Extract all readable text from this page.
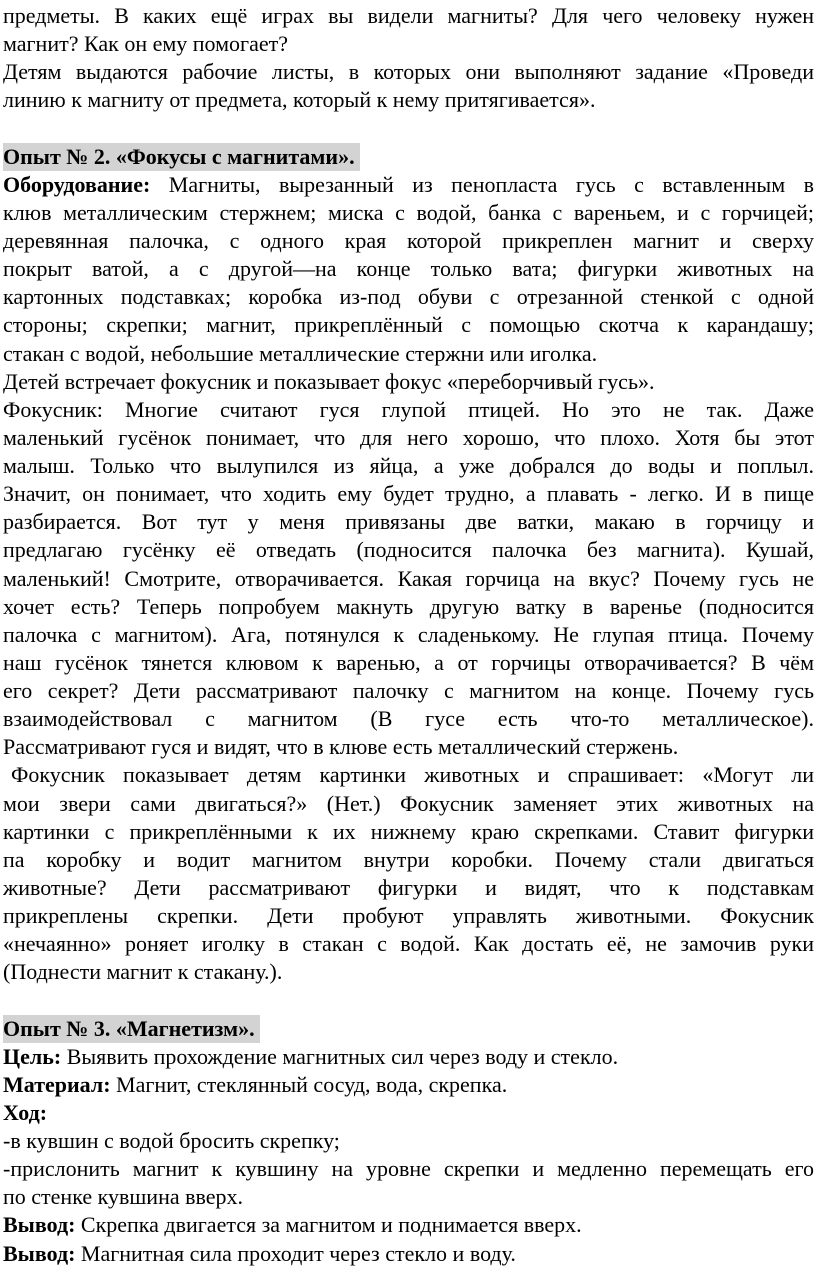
предметы. В каких ещё играх вы видели магниты? Для чего человеку нужен
магнит? Как он ему помогает?
Детям выдаются рабочие листы, в которых они выполняют задание «Проведи
линию к магниту от предмета, который к нему притягивается».

Опыт № 2. «Фокусы с магнитами».
Оборудование: Магниты, вырезанный из пенопласта гусь с вставленным в
клюв металлическим стержнем; миска с водой, банка с вареньем, и с горчицей;
деревянная палочка, с одного края которой прикреплен магнит и сверху
покрыт ватой, а с другой—на конце только вата; фигурки животных на
картонных подставках; коробка из-под обуви с отрезанной стенкой с одной
стороны; скрепки; магнит, прикреплённый с помощью скотча к карандашу;
стакан с водой, небольшие металлические стержни или иголка.
Детей встречает фокусник и показывает фокус «переборчивый гусь».
Фокусник: Многие считают гуся глупой птицей. Но это не так. Даже
маленький гусёнок понимает, что для него хорошо, что плохо. Хотя бы этот
малыш. Только что вылупился из яйца, а уже добрался до воды и поплыл.
Значит, он понимает, что ходить ему будет трудно, а плавать - легко. И в пище
разбирается. Вот тут у меня привязаны две ватки, макаю в горчицу и
предлагаю гусёнку её отведать (подносится палочка без магнита). Кушай,
маленький! Смотрите, отворачивается. Какая горчица на вкус? Почему гусь не
хочет есть? Теперь попробуем макнуть другую ватку в варенье (подносится
палочка с магнитом). Ага, потянулся к сладенькому. Не глупая птица. Почему
наш гусёнок тянется клювом к варенью, а от горчицы отворачивается? В чём
его секрет? Дети рассматривают палочку с магнитом на конце. Почему гусь
взаимодействовал с магнитом (В гусе есть что-то металлическое).
Рассматривают гуся и видят, что в клюве есть металлический стержень.
Фокусник показывает детям картинки животных и спрашивает: «Могут ли
мои звери сами двигаться?» (Нет.) Фокусник заменяет этих животных на
картинки с прикреплёнными к их нижнему краю скрепками. Ставит фигурки
па коробку и водит магнитом внутри коробки. Почему стали двигаться
животные? Дети рассматривают фигурки и видят, что к подставкам
прикреплены скрепки. Дети пробуют управлять животными. Фокусник
«нечаянно» роняет иголку в стакан с водой. Как достать её, не замочив руки
(Поднести магнит к стакану.).

Опыт № 3. «Магнетизм».
Цель: Выявить прохождение магнитных сил через воду и стекло.
Материал: Магнит, стеклянный сосуд, вода, скрепка.
Ход:
-в кувшин с водой бросить скрепку;
-прислонить магнит к кувшину на уровне скрепки и медленно перемещать его
по стенке кувшина вверх.
Вывод: Скрепка двигается за магнитом и поднимается вверх.
Вывод: Магнитная сила проходит через стекло и воду.
